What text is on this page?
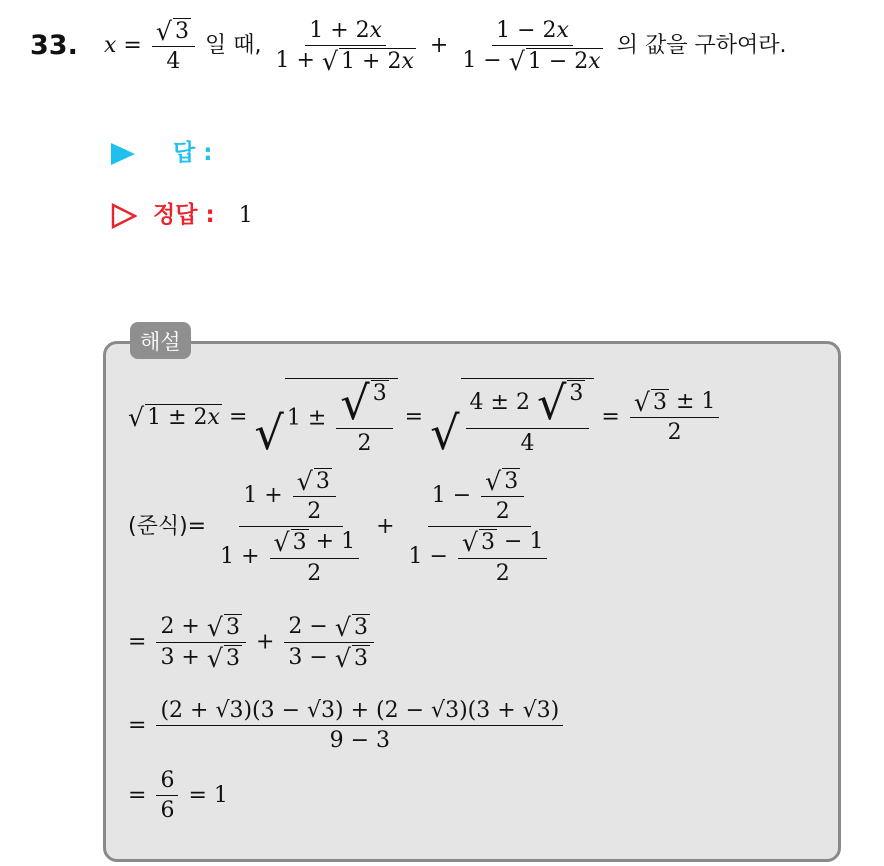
33. $x = \frac{√ 3}{4}$ 일 때, $\frac{1 + 2x}{1 + √ 1 + 2x} + \frac{1 - 2x}{1 - √ 1 - 2x}$ 의 값을 구하여라.
답 :
정답 : 1
해설
√ 1 ± 2x = √ $1 \pm \frac{√ 3}{2}$ = √ $\frac{4 \pm 2 √ 3}{4} = \frac{√ 3 \pm 1}{2}$
(준식)= $\frac{1 + \frac{√ 3}{2}}{1 + \frac{√ 3 + 1}{2}} + \frac{1 - \frac{√ 3}{2}}{1 - \frac{√ 3 - 1}{2}}$
= $\frac{2 + √ 3}{3 + √ 3} + \frac{2 - √ 3}{3 - √ 3}$
= $\frac{(2 + √3)(3 - √3) + (2 - √3)(3 + √3)}{9 - 3}$
= $\frac{6}{6} = 1$
